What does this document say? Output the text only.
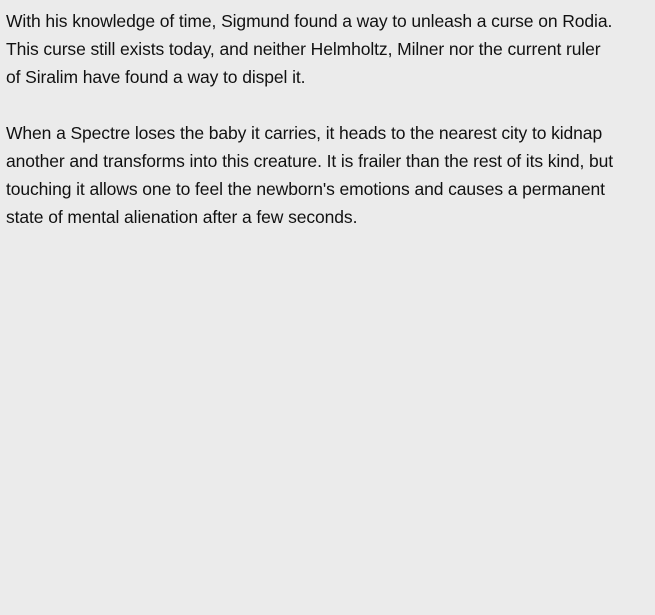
With his knowledge of time, Sigmund found a way to unleash a curse on Rodia.
This curse still exists today, and neither Helmholtz, Milner nor the current ruler
of Siralim have found a way to dispel it.

When a Spectre loses the baby it carries, it heads to the nearest city to kidnap
another and transforms into this creature. It is frailer than the rest of its kind, but
touching it allows one to feel the newborn's emotions and causes a permanent
state of mental alienation after a few seconds.
